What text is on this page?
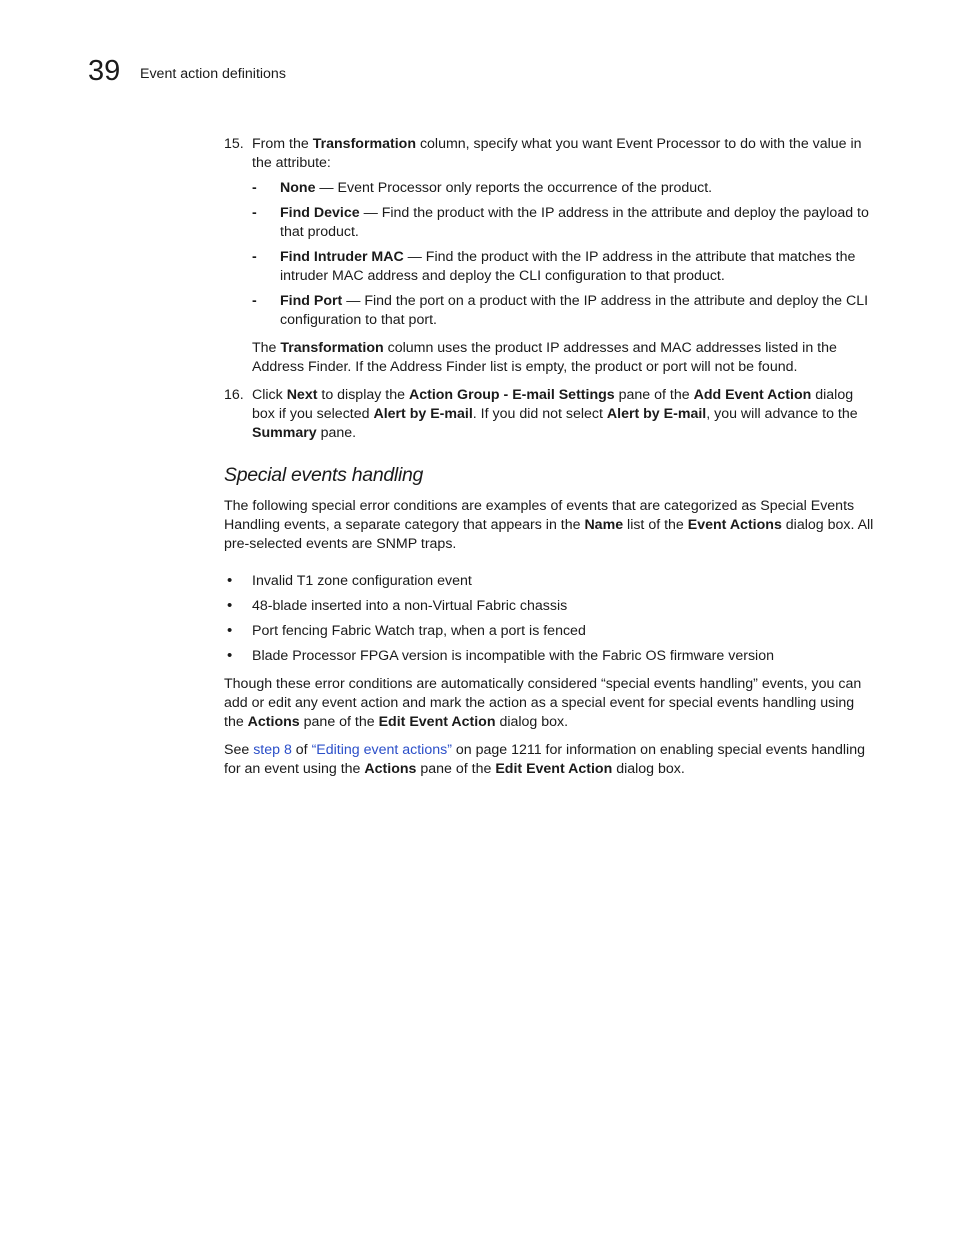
39 Event action definitions
15. From the Transformation column, specify what you want Event Processor to do with the value in the attribute:
- None — Event Processor only reports the occurrence of the product.
- Find Device — Find the product with the IP address in the attribute and deploy the payload to that product.
- Find Intruder MAC — Find the product with the IP address in the attribute that matches the intruder MAC address and deploy the CLI configuration to that product.
- Find Port — Find the port on a product with the IP address in the attribute and deploy the CLI configuration to that port.
The Transformation column uses the product IP addresses and MAC addresses listed in the Address Finder. If the Address Finder list is empty, the product or port will not be found.
16. Click Next to display the Action Group - E-mail Settings pane of the Add Event Action dialog box if you selected Alert by E-mail. If you did not select Alert by E-mail, you will advance to the Summary pane.
Special events handling
The following special error conditions are examples of events that are categorized as Special Events Handling events, a separate category that appears in the Name list of the Event Actions dialog box. All pre-selected events are SNMP traps.
• Invalid T1 zone configuration event
• 48-blade inserted into a non-Virtual Fabric chassis
• Port fencing Fabric Watch trap, when a port is fenced
• Blade Processor FPGA version is incompatible with the Fabric OS firmware version
Though these error conditions are automatically considered “special events handling” events, you can add or edit any event action and mark the action as a special event for special events handling using the Actions pane of the Edit Event Action dialog box.
See step 8 of “Editing event actions” on page 1211 for information on enabling special events handling for an event using the Actions pane of the Edit Event Action dialog box.
